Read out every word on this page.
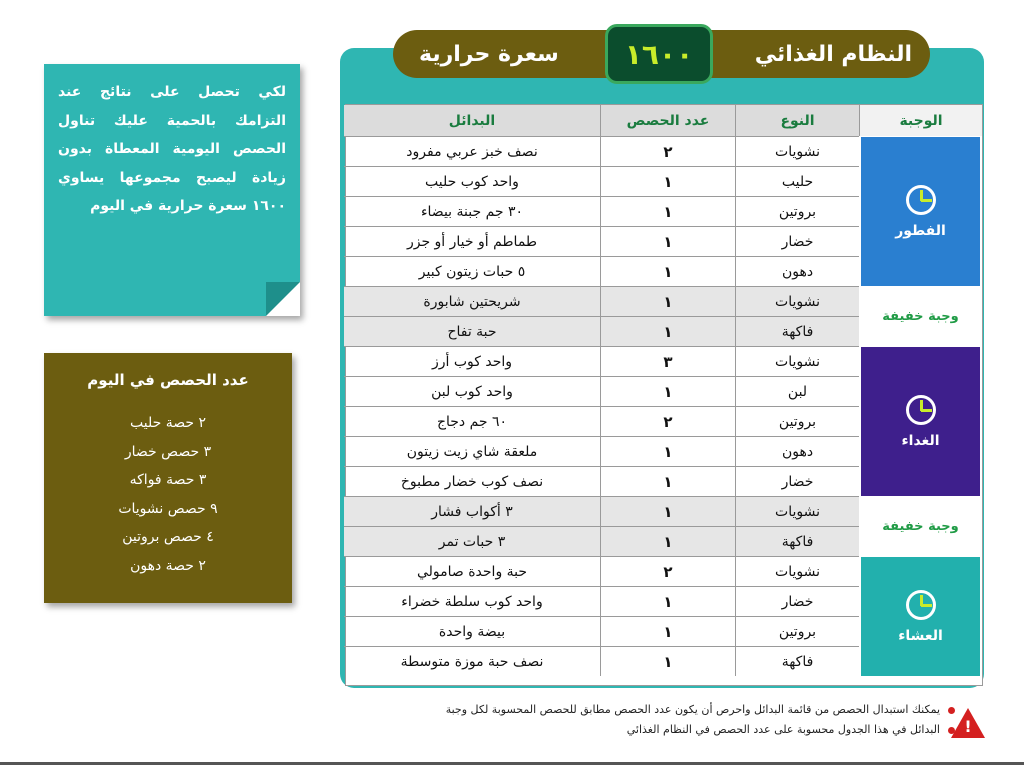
النظام الغذائي
سعرة حرارية	١٦٠٠
الوجبة
النوع
عدد الحصص
البدائل
الفطور
نشويات
٢
نصف خبز عربي مفرود
حليب
١
واحد كوب حليب
بروتين
١
٣٠ جم جبنة بيضاء
خضار
١
طماطم أو خيار أو جزر
دهون
١
٥ حبات زيتون كبير
وجبة خفيفة
نشويات
١
شريحتين شابورة
فاكهة
١
حبة تفاح
الغداء
نشويات
٣
واحد كوب أرز
لبن
١
واحد كوب لبن
بروتين
٢
٦٠ جم دجاج
دهون
١
ملعقة شاي زيت زيتون
خضار
١
نصف كوب خضار مطبوخ
وجبة خفيفة
نشويات
١
٣ أكواب فشار
فاكهة
١
٣ حبات تمر
العشاء
نشويات
٢
حبة واحدة صامولي
خضار
١
واحد كوب سلطة خضراء
بروتين
١
بيضة واحدة
فاكهة
١
نصف حبة موزة متوسطة
لكي تحصل على نتائج عند التزامك بالحمية عليك تناول الحصص اليومية المعطاة بدون زيادة ليصبح مجموعها يساوي ١٦٠٠ سعرة حرارية في اليوم
عدد الحصص في اليوم
٢ حصة حليب
٣ حصص خضار
٣ حصة فواكه
٩ حصص نشويات
٤ حصص بروتين
٢ حصة دهون
يمكنك استبدال الحصص من قائمة البدائل واحرص أن يكون عدد الحصص مطابق للحصص المحسوبة لكل وجبة
البدائل في هذا الجدول محسوبة على عدد الحصص في النظام الغذائي !
